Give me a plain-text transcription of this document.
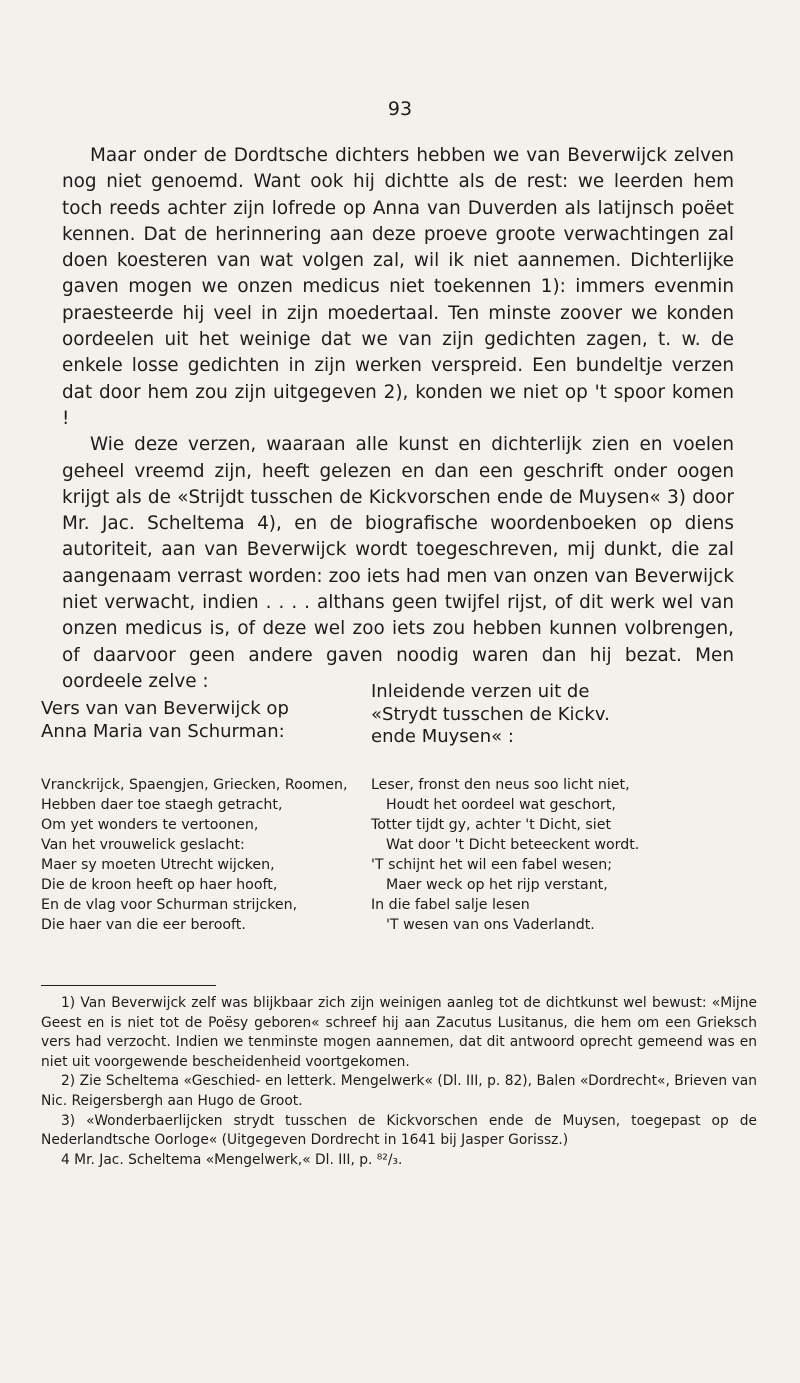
93

Maar onder de Dordtsche dichters hebben we van Beverwijck zelven nog niet genoemd. Want ook hij dichtte als de rest: we leerden hem toch reeds achter zijn lofrede op Anna van Duverden als latijnsch poëet kennen. Dat de herinnering aan deze proeve groote verwachtingen zal doen koesteren van wat volgen zal, wil ik niet aannemen. Dichterlijke gaven mogen we onzen medicus niet toekennen 1): immers evenmin praesteerde hij veel in zijn moedertaal. Ten minste zoover we konden oordeelen uit het weinige dat we van zijn gedichten zagen, t. w. de enkele losse gedichten in zijn werken verspreid. Een bundeltje verzen dat door hem zou zijn uitgegeven 2), konden we niet op 't spoor komen !

Wie deze verzen, waaraan alle kunst en dichterlijk zien en voelen geheel vreemd zijn, heeft gelezen en dan een geschrift onder oogen krijgt als de «Strijdt tusschen de Kickvorschen ende de Muysen« 3) door Mr. Jac. Scheltema 4), en de biografische woordenboeken op diens autoriteit, aan van Beverwijck wordt toegeschreven, mij dunkt, die zal aangenaam verrast worden: zoo iets had men van onzen van Beverwijck niet verwacht, indien . . . . althans geen twijfel rijst, of dit werk wel van onzen medicus is, of deze wel zoo iets zou hebben kunnen volbrengen, of daarvoor geen andere gaven noodig waren dan hij bezat. Men oordeele zelve :

Vers van van Beverwijck op
Anna Maria van Schurman:
Inleidende verzen uit de
«Strydt tusschen de Kickv.
ende Muysen« :
Vranckrijck, Spaengjen, Griecken, Roomen,
Hebben daer toe staegh getracht,
Om yet wonders te vertoonen,
Van het vrouwelick geslacht:
Maer sy moeten Utrecht wijcken,
Die de kroon heeft op haer hooft,
En de vlag voor Schurman strijcken,
Die haer van die eer berooft.
Leser, fronst den neus soo licht niet,
Houdt het oordeel wat geschort,
Totter tijdt gy, achter 't Dicht, siet
Wat door 't Dicht beteeckent wordt.
'T schijnt het wil een fabel wesen;
Maer weck op het rijp verstant,
In die fabel salje lesen
'T wesen van ons Vaderlandt.

1) Van Beverwijck zelf was blijkbaar zich zijn weinigen aanleg tot de dichtkunst wel bewust: «Mijne Geest en is niet tot de Poësy geboren« schreef hij aan Zacutus Lusitanus, die hem om een Grieksch vers had verzocht. Indien we tenminste mogen aannemen, dat dit antwoord oprecht gemeend was en niet uit voorgewende bescheidenheid voortgekomen.

2) Zie Scheltema «Geschied- en letterk. Mengelwerk« (Dl. III, p. 82), Balen «Dordrecht«, Brieven van Nic. Reigersbergh aan Hugo de Groot.

3) «Wonderbaerlijcken strydt tusschen de Kickvorschen ende de Muysen, toegepast op de Nederlandtsche Oorloge« (Uitgegeven Dordrecht in 1641 bij Jasper Gorissz.)

4 Mr. Jac. Scheltema «Mengelwerk,« Dl. III, p. ⁸²/₃.
